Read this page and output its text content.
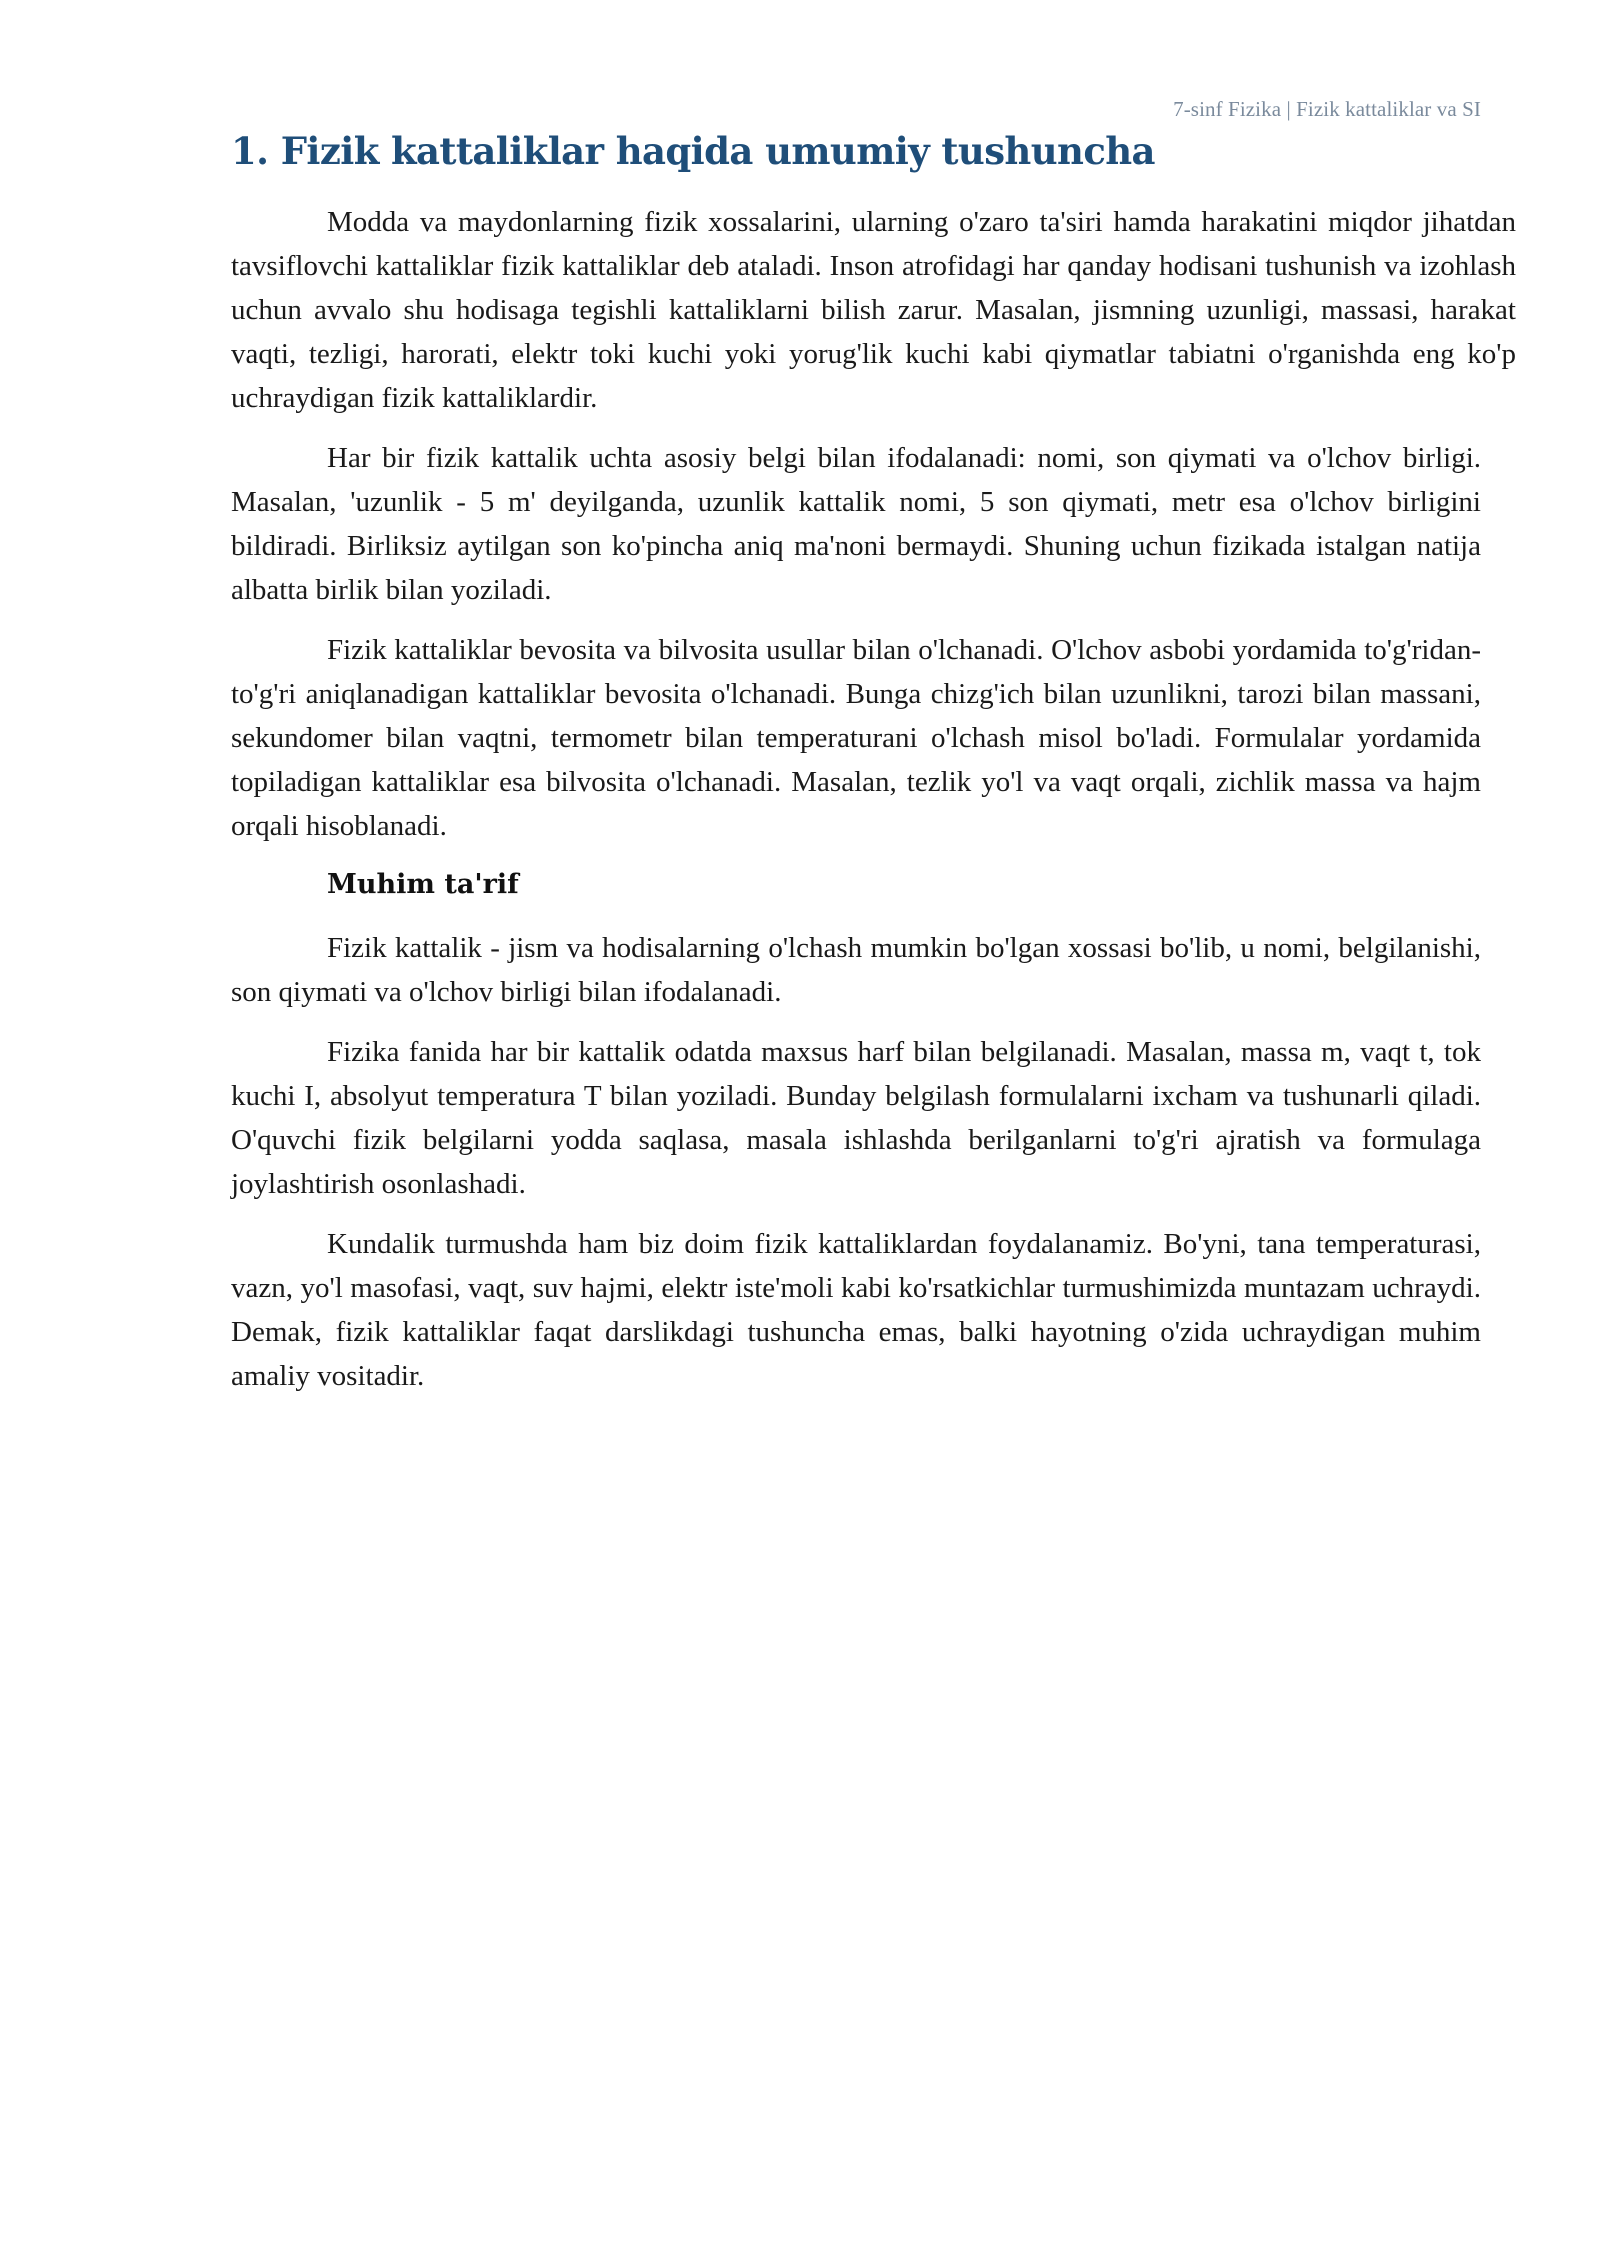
7-sinf Fizika | Fizik kattaliklar va SI
1. Fizik kattaliklar haqida umumiy tushuncha

Modda va maydonlarning fizik xossalarini, ularning o'zaro ta'siri hamda harakatini miqdor jihatdan tavsiflovchi kattaliklar fizik kattaliklar deb ataladi. Inson atrofidagi har qanday hodisani tushunish va izohlash uchun avvalo shu hodisaga tegishli kattaliklarni bilish zarur. Masalan, jismning uzunligi, massasi, harakat vaqti, tezligi, harorati, elektr toki kuchi yoki yorug'lik kuchi kabi qiymatlar tabiatni o'rganishda eng ko'p uchraydigan fizik kattaliklardir.

Har bir fizik kattalik uchta asosiy belgi bilan ifodalanadi: nomi, son qiymati va o'lchov birligi. Masalan, 'uzunlik - 5 m' deyilganda, uzunlik kattalik nomi, 5 son qiymati, metr esa o'lchov birligini bildiradi. Birliksiz aytilgan son ko'pincha aniq ma'noni bermaydi. Shuning uchun fizikada istalgan natija albatta birlik bilan yoziladi.

Fizik kattaliklar bevosita va bilvosita usullar bilan o'lchanadi. O'lchov asbobi yordamida to'g'ridan-to'g'ri aniqlanadigan kattaliklar bevosita o'lchanadi. Bunga chizg'ich bilan uzunlikni, tarozi bilan massani, sekundomer bilan vaqtni, termometr bilan temperaturani o'lchash misol bo'ladi. Formulalar yordamida topiladigan kattaliklar esa bilvosita o'lchanadi. Masalan, tezlik yo'l va vaqt orqali, zichlik massa va hajm orqali hisoblanadi.

Muhim ta'rif

Fizik kattalik - jism va hodisalarning o'lchash mumkin bo'lgan xossasi bo'lib, u nomi, belgilanishi, son qiymati va o'lchov birligi bilan ifodalanadi.

Fizika fanida har bir kattalik odatda maxsus harf bilan belgilanadi. Masalan, massa m, vaqt t, tok kuchi I, absolyut temperatura T bilan yoziladi. Bunday belgilash formulalarni ixcham va tushunarli qiladi. O'quvchi fizik belgilarni yodda saqlasa, masala ishlashda berilganlarni to'g'ri ajratish va formulaga joylashtirish osonlashadi.

Kundalik turmushda ham biz doim fizik kattaliklardan foydalanamiz. Bo'yni, tana temperaturasi, vazn, yo'l masofasi, vaqt, suv hajmi, elektr iste'moli kabi ko'rsatkichlar turmushimizda muntazam uchraydi. Demak, fizik kattaliklar faqat darslikdagi tushuncha emas, balki hayotning o'zida uchraydigan muhim amaliy vositadir.
